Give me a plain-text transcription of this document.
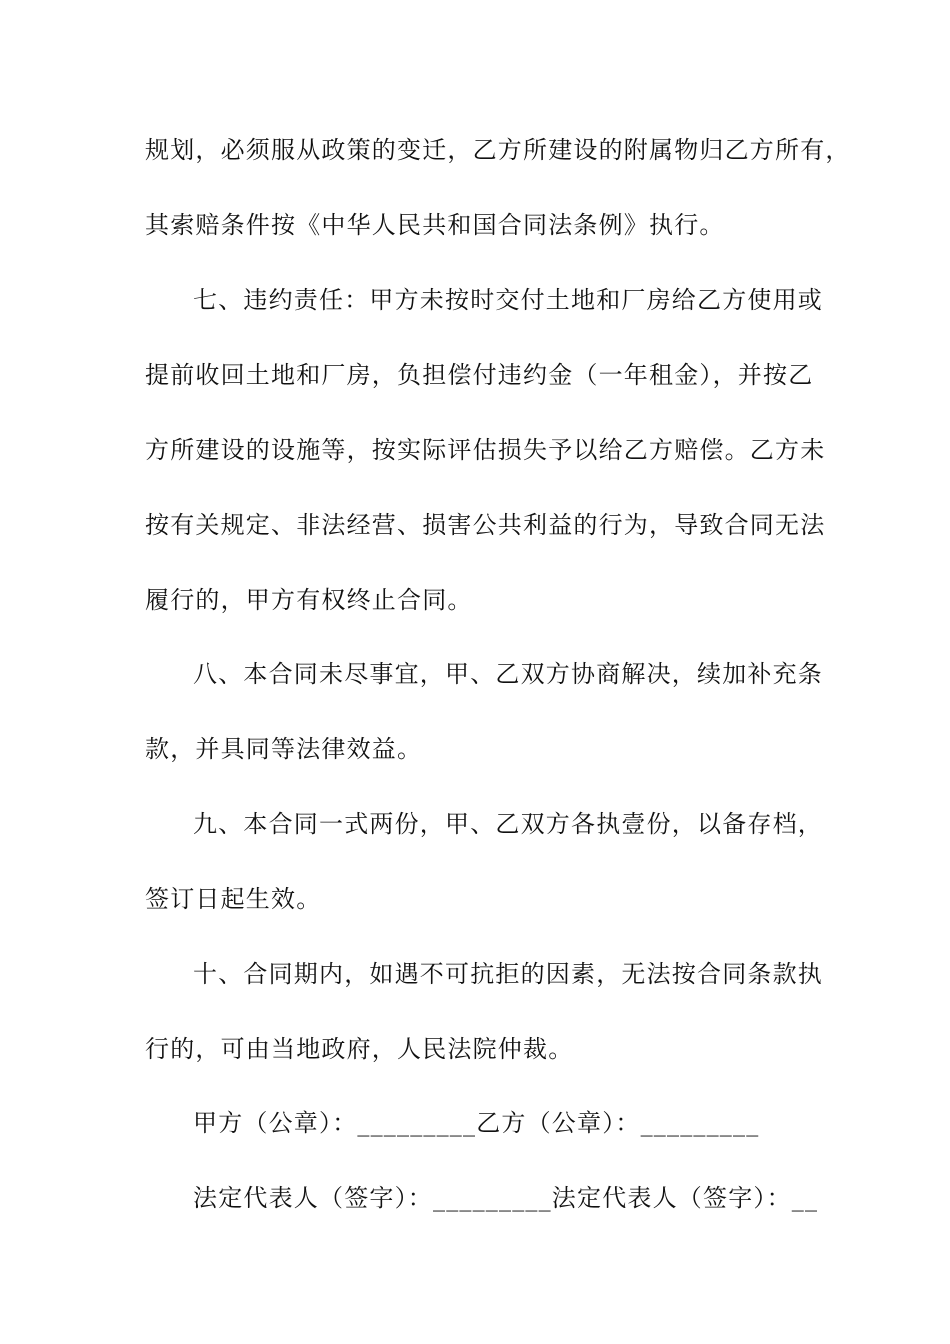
规划，必须服从政策的变迁，乙方所建设的附属物归乙方所有，
其索赔条件按《中华人民共和国合同法条例》执行。
七、违约责任：甲方未按时交付土地和厂房给乙方使用或
提前收回土地和厂房，负担偿付违约金（一年租金），并按乙
方所建设的设施等，按实际评估损失予以给乙方赔偿。乙方未
按有关规定、非法经营、损害公共利益的行为，导致合同无法
履行的，甲方有权终止合同。
八、本合同未尽事宜，甲、乙双方协商解决，续加补充条
款，并具同等法律效益。
九、本合同一式两份，甲、乙双方各执壹份，以备存档，
签订日起生效。
十、合同期内，如遇不可抗拒的因素，无法按合同条款执
行的，可由当地政府，人民法院仲裁。
甲方（公章）：_________乙方（公章）：_________
法定代表人（签字）：_________法定代表人（签字）：__
